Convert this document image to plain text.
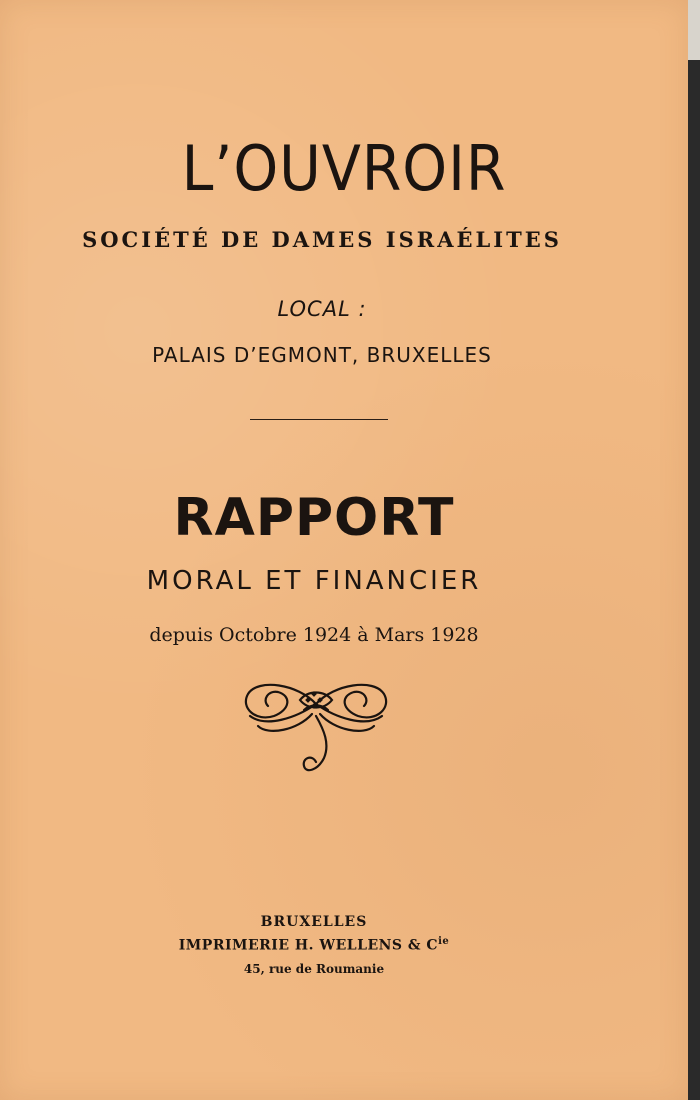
L’OUVROIR
SOCIÉTÉ DE DAMES ISRAÉLITES
LOCAL :
PALAIS D’EGMONT, BRUXELLES
RAPPORT
MORAL ET FINANCIER
depuis Octobre 1924 à Mars 1928
BRUXELLES
IMPRIMERIE H. WELLENS & $C^{ie}$
45, rue de Roumanie
